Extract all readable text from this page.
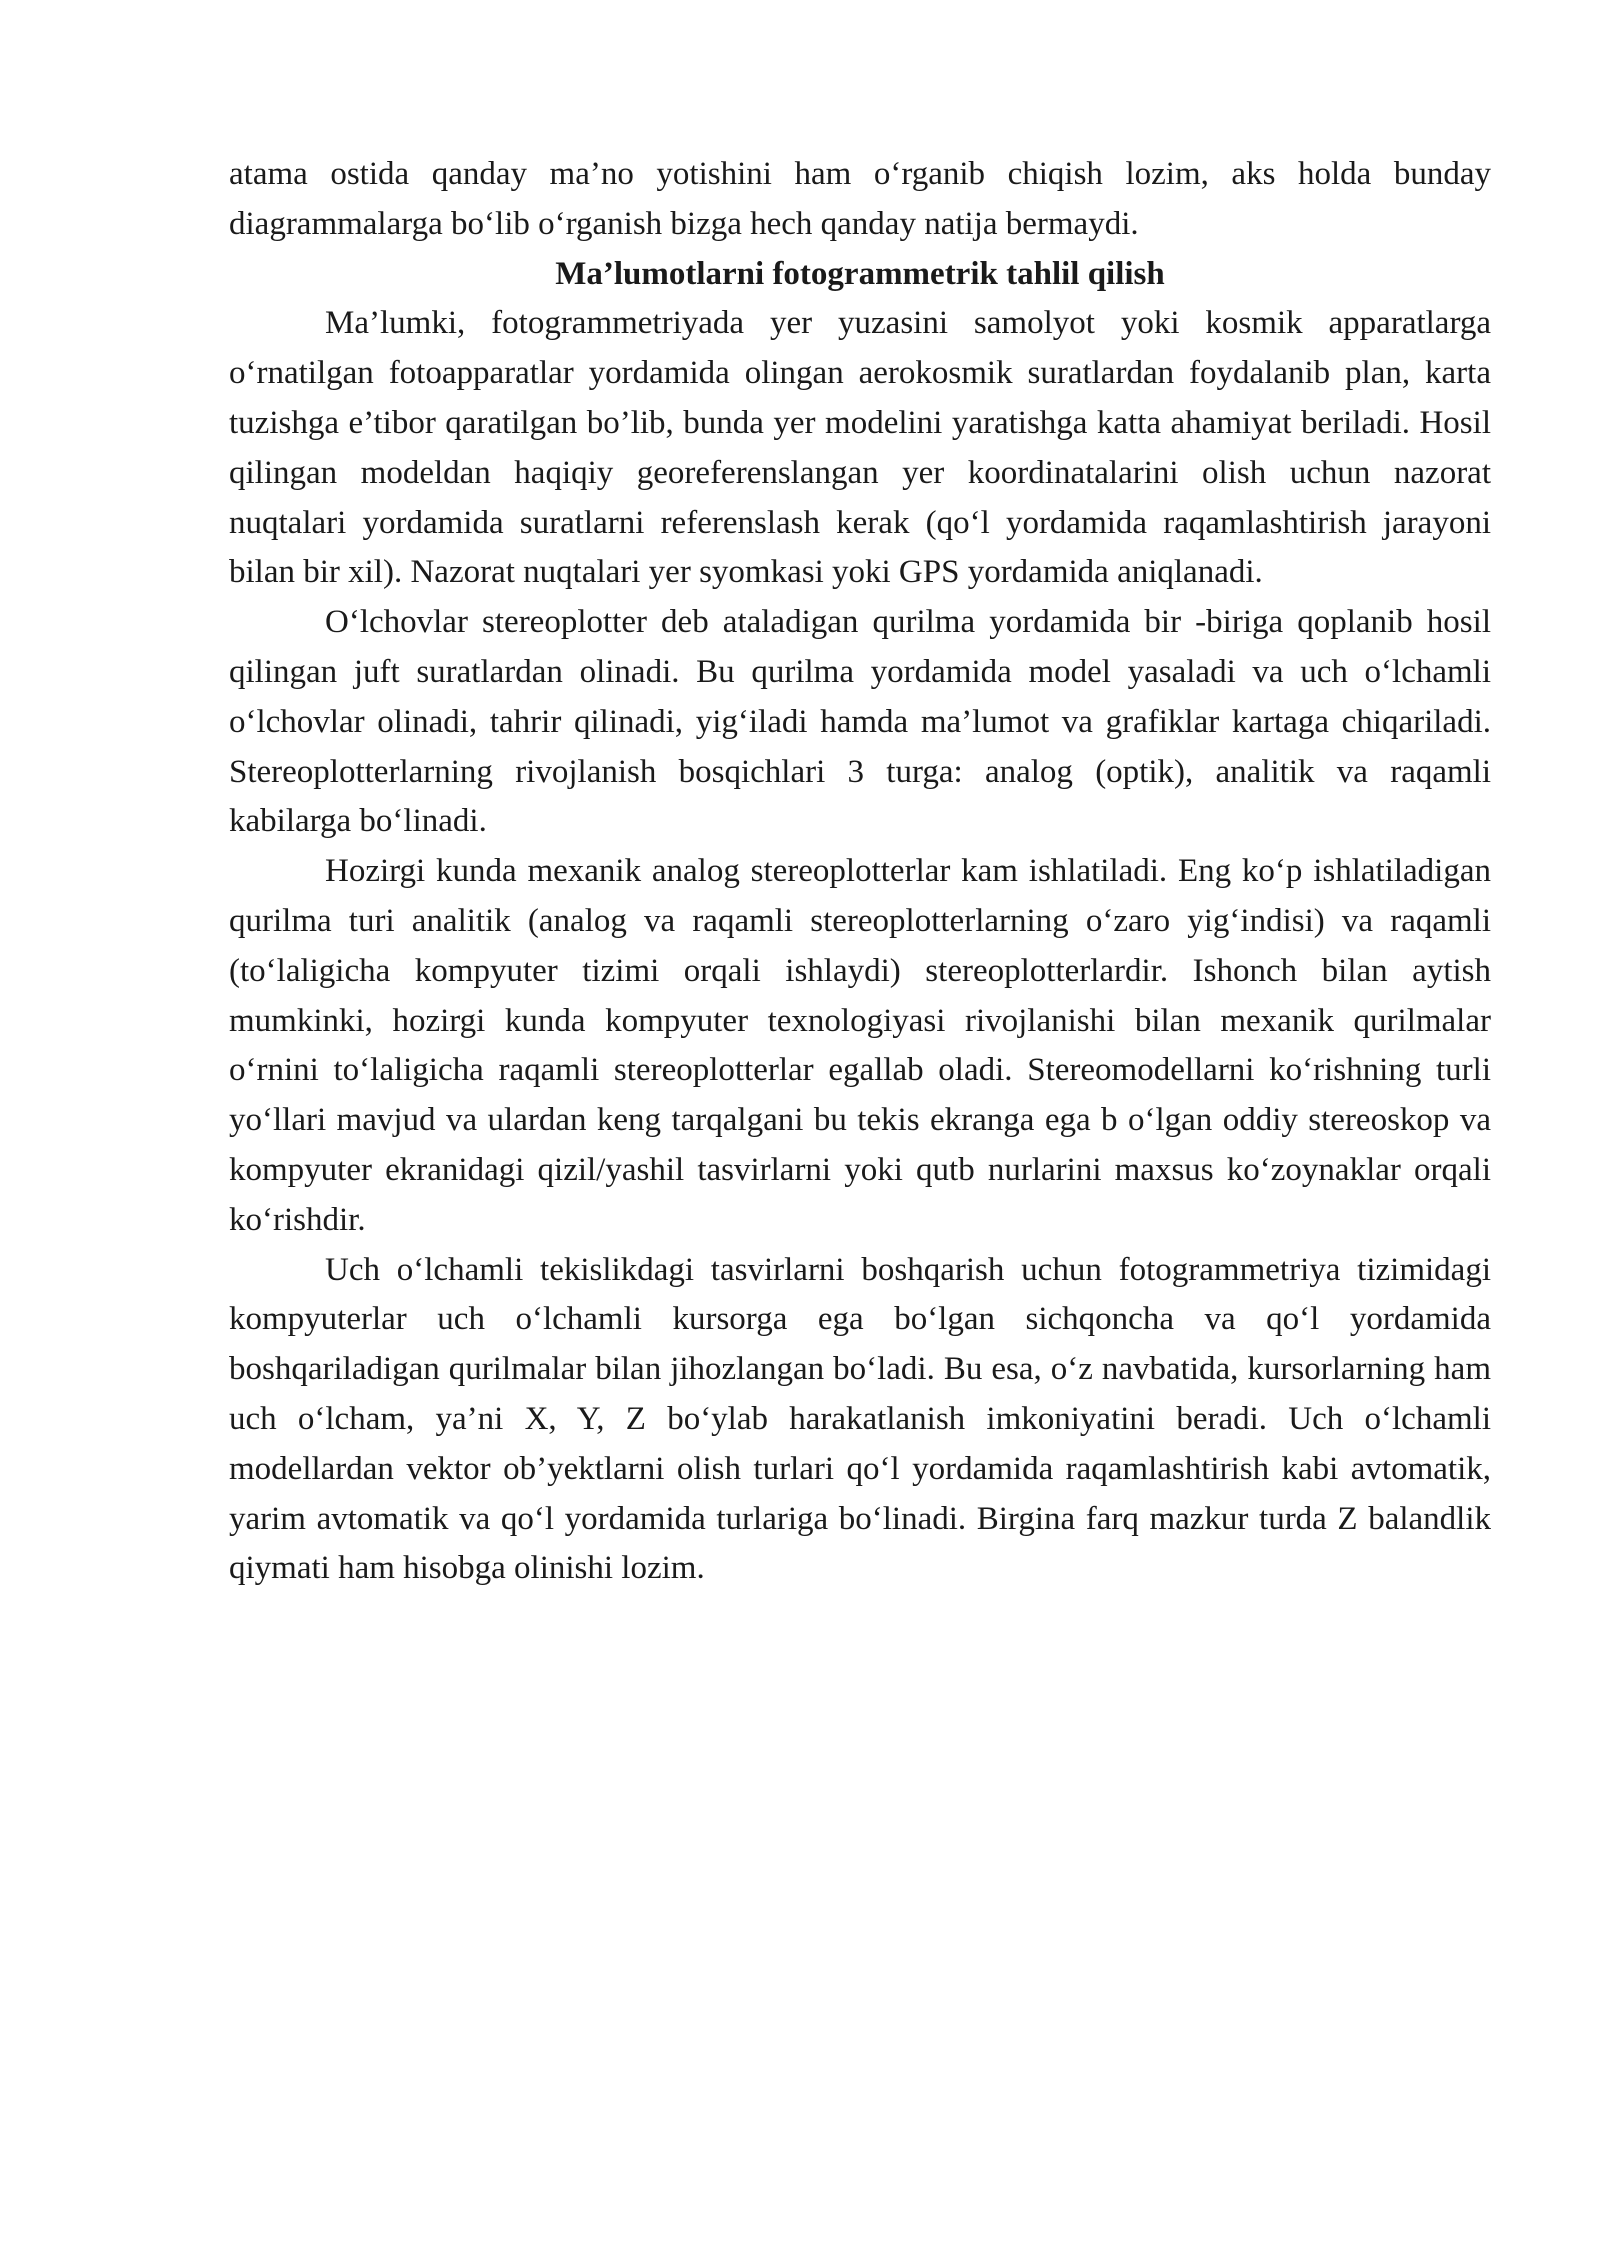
atama ostida qanday ma’no yotishini ham o‘rganib chiqish lozim, aks holda bunday diagrammalarga bo‘lib o‘rganish bizga hech qanday natija bermaydi.

Ma’lumotlarni fotogrammetrik tahlil qilish

Ma’lumki, fotogrammetriyada yer yuzasini samolyot yoki kosmik apparatlarga o‘rnatilgan fotoapparatlar yordamida olingan aerokosmik suratlardan foydalanib plan, karta tuzishga e’tibor qaratilgan bo’lib, bunda yer modelini yaratishga katta ahamiyat beriladi. Hosil qilingan modeldan haqiqiy georeferenslangan yer koordinatalarini olish uchun nazorat nuqtalari yordamida suratlarni referenslash kerak (qo‘l yordamida raqamlashtirish jarayoni bilan bir xil). Nazorat nuqtalari yer syomkasi yoki GPS yordamida aniqlanadi.

O‘lchovlar stereoplotter deb ataladigan qurilma yordamida bir -biriga qoplanib hosil qilingan juft suratlardan olinadi. Bu qurilma yordamida model yasaladi va uch o‘lchamli o‘lchovlar olinadi, tahrir qilinadi, yig‘iladi hamda ma’lumot va grafiklar kartaga chiqariladi. Stereoplotterlarning rivojlanish bosqichlari 3 turga: analog (optik), analitik va raqamli kabilarga bo‘linadi.

Hozirgi kunda mexanik analog stereoplotterlar kam ishlatiladi. Eng ko‘p ishlatiladigan qurilma turi analitik (analog va raqamli stereoplotterlarning o‘zaro yig‘indisi) va raqamli (to‘laligicha kompyuter tizimi orqali ishlaydi) stereoplotterlardir. Ishonch bilan aytish mumkinki, hozirgi kunda kompyuter texnologiyasi rivojlanishi bilan mexanik qurilmalar o‘rnini to‘laligicha raqamli stereoplotterlar egallab oladi. Stereomodellarni ko‘rishning turli yo‘llari mavjud va ulardan keng tarqalgani bu tekis ekranga ega b o‘lgan oddiy stereoskop va kompyuter ekranidagi qizil/yashil tasvirlarni yoki qutb nurlarini maxsus ko‘zoynaklar orqali ko‘rishdir.

Uch o‘lchamli tekislikdagi tasvirlarni boshqarish uchun fotogrammetriya tizimidagi kompyuterlar uch o‘lchamli kursorga ega bo‘lgan sichqoncha va qo‘l yordamida boshqariladigan qurilmalar bilan jihozlangan bo‘ladi. Bu esa, o‘z navbatida, kursorlarning ham uch o‘lcham, ya’ni X, Y, Z bo‘ylab harakatlanish imkoniyatini beradi. Uch o‘lchamli modellardan vektor ob’yektlarni olish turlari qo‘l yordamida raqamlashtirish kabi avtomatik, yarim avtomatik va qo‘l yordamida turlariga bo‘linadi. Birgina farq mazkur turda Z balandlik qiymati ham hisobga olinishi lozim.
